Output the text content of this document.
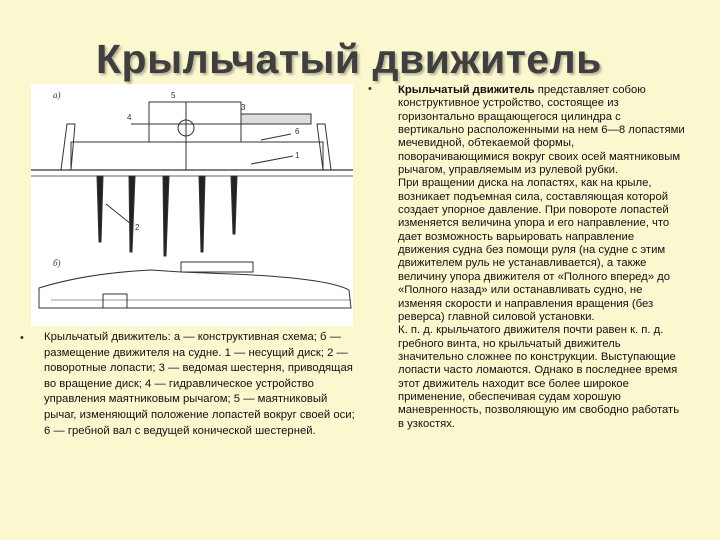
а)
б)
1
2
3
4
5
6
Крыльчатый движитель
• Крыльчатый движитель: а — конструктивная схема; б — размещение движителя на судне. 1 — несущий диск; 2 — поворотные лопасти; 3 — ведомая шестерня, приводящая во вращение диск; 4 — гидравлическое устройство управления маятниковым рычагом; 5 — маятниковый рычаг, изменяющий положение лопастей вокруг своей оси; 6 — гребной вал с ведущей конической шестерней.
• Крыльчатый движитель представляет собою конструктивное устройство, состоящее из горизонтально вращающегося цилиндра с вертикально расположенными на нем 6—8 лопастями мечевидной, обтекаемой формы, поворачивающимися вокруг своих осей маятниковым рычагом, управляемым из рулевой рубки.
При вращении диска на лопастях, как на крыле, возникает подъемная сила, составляющая которой создает упорное давление. При повороте лопастей изменяется величина упора и его направление, что дает возможность варьировать направление движения судна без помощи руля (на судне с этим движителем руль не устанавливается), а также величину упора движителя от «Полного вперед» до «Полного назад» или останавливать судно, не изменяя скорости и направления вращения (без реверса) главной силовой установки.
К. п. д. крыльчатого движителя почти равен к. п. д. гребного винта, но крыльчатый движитель значительно сложнее по конструкции. Выступающие лопасти часто ломаются. Однако в последнее время этот движитель находит все более широкое применение, обеспечивая судам хорошую маневренность, позволяющую им свободно работать в узкостях.
